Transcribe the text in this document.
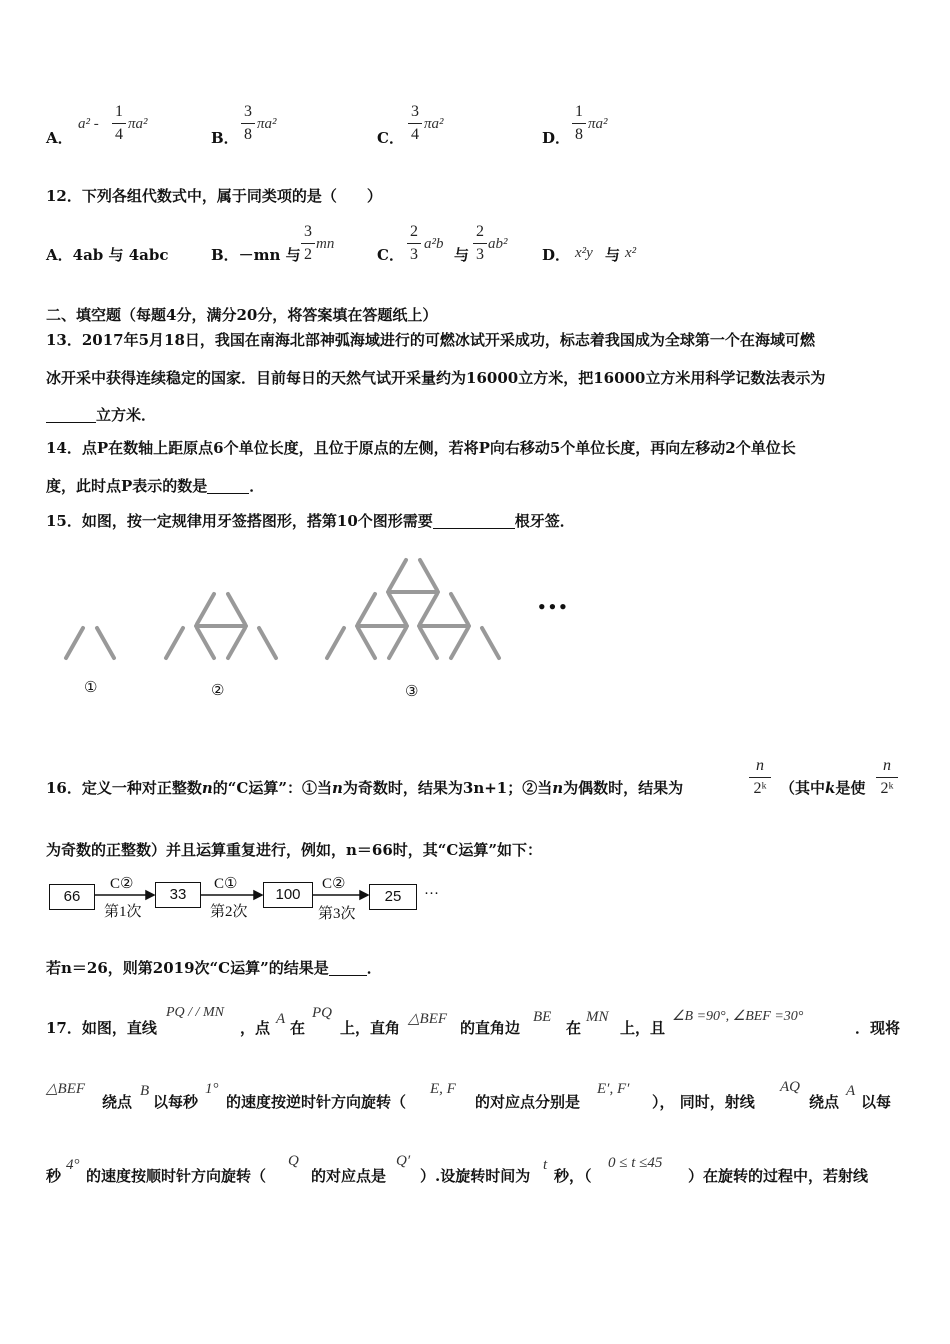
A．
a² -
1
4
πa²
B．
3
8
πa²
C．
3
4
πa²
D．
1
8
πa²
12．下列各组代数式中，属于同类项的是（　　）
A．4ab 与 4abc	B．－mn 与
3
2
mn
C．
2
3
a²b
与
2
3
ab²
D． x²y 与 x²
二、填空题（每题4分，满分20分，将答案填在答题纸上）
13．2017年5月18日，我国在南海北部神弧海域进行的可燃冰试开采成功，标志着我国成为全球第一个在海域可燃
冰开采中获得连续稳定的国家．目前每日的天然气试开采量约为16000立方米，把16000立方米用科学记数法表示为
立方米．
14．点P在数轴上距原点6个单位长度，且位于原点的左侧，若将P向右移动5个单位长度，再向左移动2个单位长
度，此时点P表示的数是	．
15．如图，按一定规律用牙签搭图形，搭第10个图形需要	根牙签．
①	②	③
•••
16．定义一种对正整数n的“C运算”：①当n为奇数时，结果为3n+1；②当n为偶数时，结果为
n
2ᵏ （其中k是使
n
2ᵏ
为奇数的正整数）并且运算重复进行，例如，n＝66时，其“C运算”如下：
66	33	100	25
C②	C①	C②
第1次	第2次	第3次
···
若n＝26，则第2019次“C运算”的结果是	．
17．如图，直线
PQ / / MN
，点 A 在
PQ
上，直角 △BEF 的直角边
BE
在
MN
上，且
∠B =90°, ∠BEF =30°
．现将
△BEF
绕点
B
以每秒
1°
的速度按逆时针方向旋转（
E, F
的对应点分别是
E′, F′
）， 同时，射线
AQ
绕点
A
以每
秒
4°
的速度按顺时针方向旋转（
Q
的对应点是
Q′
）.设旋转时间为
t
秒，（
0 ≤ t ≤45
）在旋转的过程中，若射线
